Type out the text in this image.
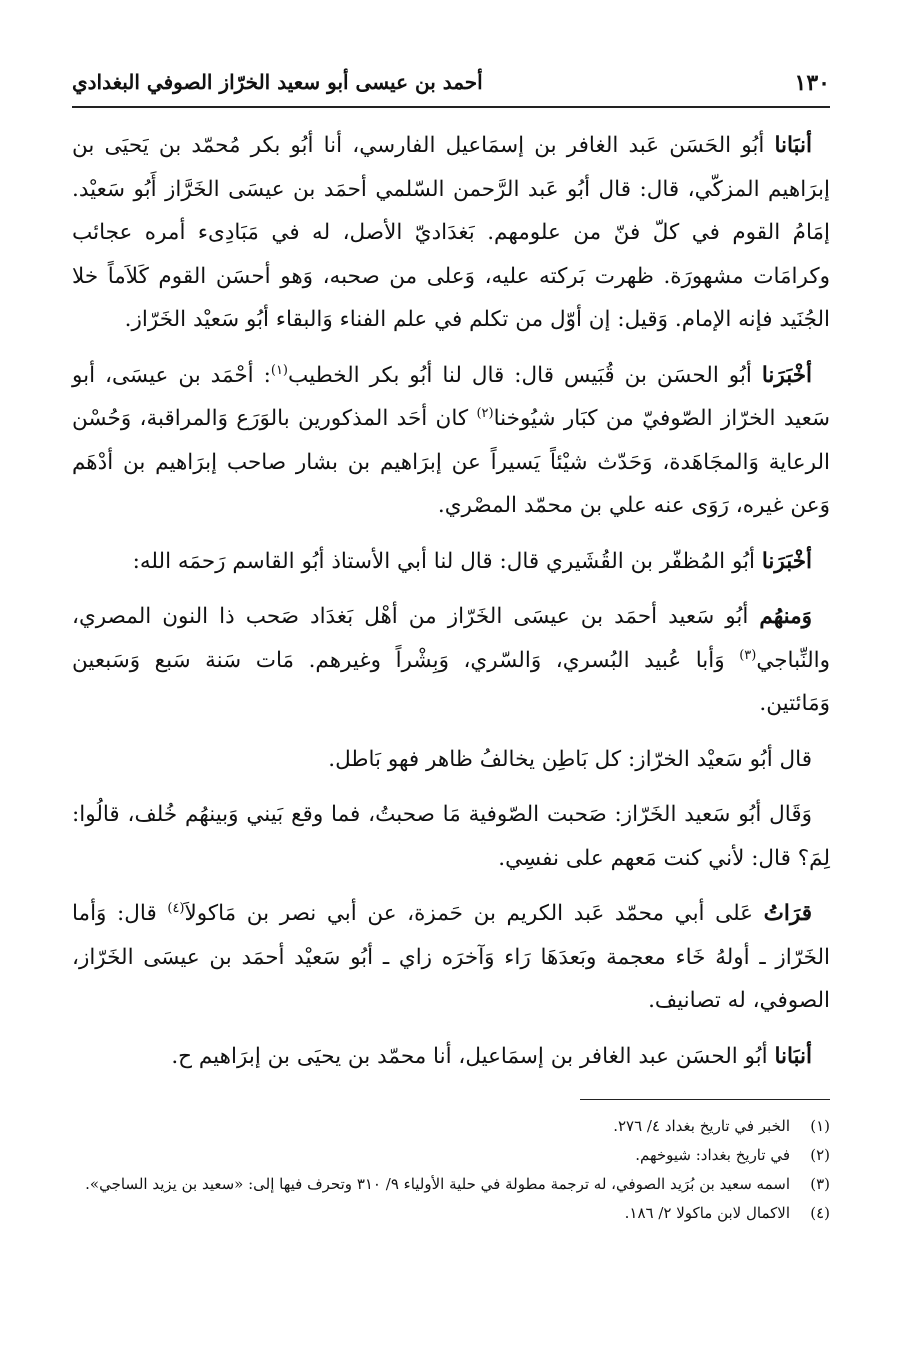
١٣٠
أحمد بن عيسى أبو سعيد الخرّاز الصوفي البغدادي

أنبَانا أبُو الحَسَن عَبد الغافر بن إسمَاعيل الفارسي، أنا أبُو بكر مُحمّد بن يَحيَى بن إبرَاهيم المزكّي، قال: قال أبُو عَبد الرَّحمن السّلمي أحمَد بن عيسَى الخَرَّاز أَبُو سَعيْد. إمَامُ القوم في كلّ فنّ من علومهم. بَغدَاديّ الأصل، له في مَبَادِىء أمره عجائب وكرامَات مشهورَة. ظهرت بَركته عليه، وَعلى من صحبه، وَهو أحسَن القوم كَلاَماً خلا الجُنَيد فإنه الإمام. وَقيل: إن أوّل من تكلم في علم الفناء وَالبقاء أبُو سَعيْد الخَرّاز.

أخْبَرَنا أبُو الحسَن بن قُبَيس قال: قال لنا أبُو بكر الخطيب$^{(١)}$: أحْمَد بن عيسَى، أبو سَعيد الخرّاز الصّوفيّ من كبَار شيُوخنا$^{(٢)}$ كان أحَد المذكورين بالوَرَع وَالمراقبة، وَحُسْن الرعاية وَالمجَاهَدة، وَحَدّث شيْئاً يَسيراً عن إبرَاهيم بن بشار صاحب إبرَاهيم بن أدْهَم وَعن غيره، رَوَى عنه علي بن محمّد المصْري.

أخْبَرَنا أبُو المُظفّر بن القُشَيري قال: قال لنا أبي الأستاذ أبُو القاسم رَحمَه الله:

وَمنهُم أبُو سَعيد أحمَد بن عيسَى الخَرّاز من أهْل بَغدَاد صَحب ذا النون المصري، والنِّباجي$^{(٣)}$ وَأبا عُبيد البُسري، وَالسّري، وَبِشْراً وغيرهم. مَات سَنة سَبع وَسَبعين وَمَائتين.

قال أبُو سَعيْد الخرّاز: كل بَاطِن يخالفُ ظاهر فهو بَاطل.

وَقَال أبُو سَعيد الخَرّاز: صَحبت الصّوفية مَا صحبتُ، فما وقع بَيني وَبينهُم خُلف، قالُوا: لِمَ؟ قال: لأني كنت مَعهم على نفسِي.

قرَاتُ عَلى أبي محمّد عَبد الكريم بن حَمزة، عن أبي نصر بن مَاكولاَ$^{(٤)}$ قال: وَأما الخَرّاز ـ أولهُ خَاء معجمة وبَعدَهَا رَاء وَآخرَه زاي ـ أبُو سَعيْد أحمَد بن عيسَى الخَرّاز، الصوفي، له تصانيف.

أنبَانا أبُو الحسَن عبد الغافر بن إسمَاعيل، أنا محمّد بن يحيَى بن إبرَاهيم ح.

(١)
الخبر في تاريخ بغداد ٤/ ٢٧٦.
(٢)
في تاريخ بغداد: شيوخهم.
(٣)
اسمه سعيد بن بُرَيد الصوفي، له ترجمة مطولة في حلية الأولياء ٩/ ٣١٠ وتحرف فيها إلى: «سعيد بن يزيد الساجي».
(٤)
الاكمال لابن ماكولا ٢/ ١٨٦.
